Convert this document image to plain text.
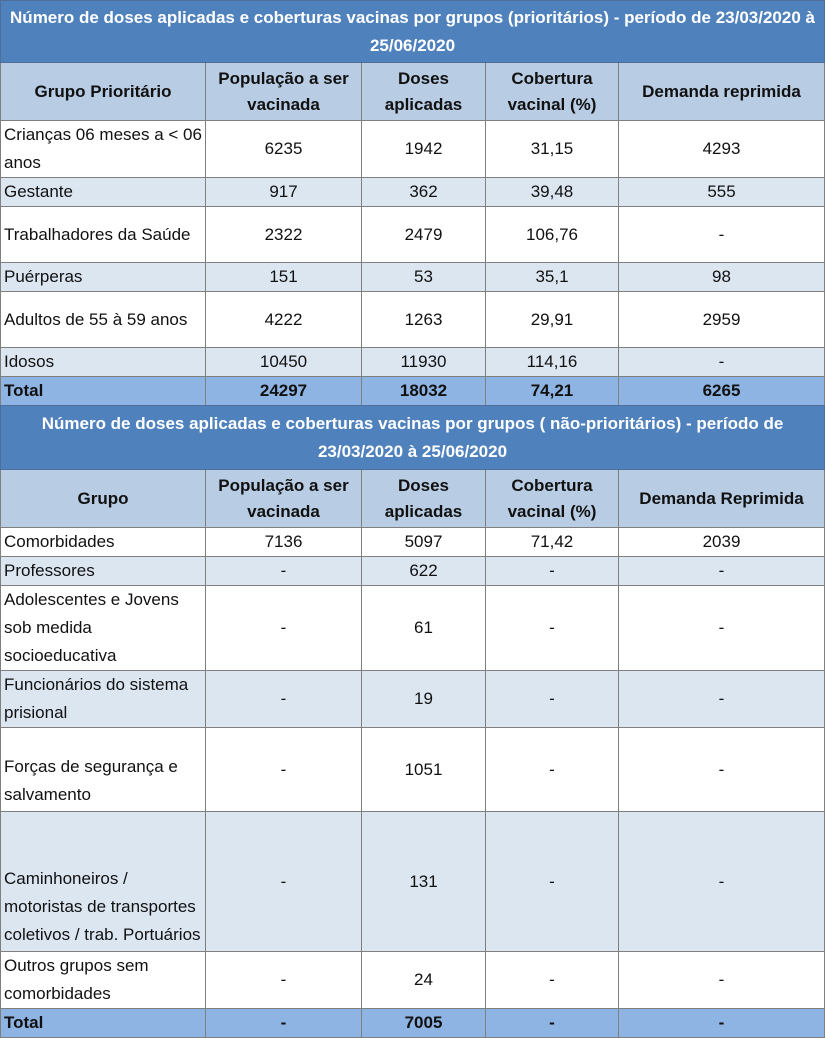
Número de doses aplicadas e coberturas vacinas por grupos (prioritários) - período de 23/03/2020 à 25/06/2020				
Grupo Prioritário	População a ser vacinada	Doses aplicadas	Cobertura vacinal (%)	Demanda reprimida
Crianças 06 meses a < 06 anos	6235	1942	31,15	4293
Gestante	917	362	39,48	555
Trabalhadores da Saúde	2322	2479	106,76	-
Puérperas	151	53	35,1	98
Adultos de 55 à 59 anos	4222	1263	29,91	2959
Idosos	10450	11930	114,16	-
Total	24297	18032	74,21	6265
Número de doses aplicadas e coberturas vacinas por grupos ( não-prioritários) - período de 23/03/2020 à 25/06/2020				
Grupo	População a ser vacinada	Doses aplicadas	Cobertura vacinal (%)	Demanda Reprimida
Comorbidades	7136	5097	71,42	2039
Professores	-	622	-	-
Adolescentes e Jovens sob medida socioeducativa	-	61	-	-
Funcionários do sistema prisional	-	19	-	-
Forças de segurança e salvamento	-	1051	-	-
Caminhoneiros / motoristas de transportes coletivos / trab. Portuários	-	131	-	-
Outros grupos sem comorbidades	-	24	-	-
Total	-	7005	-	-
